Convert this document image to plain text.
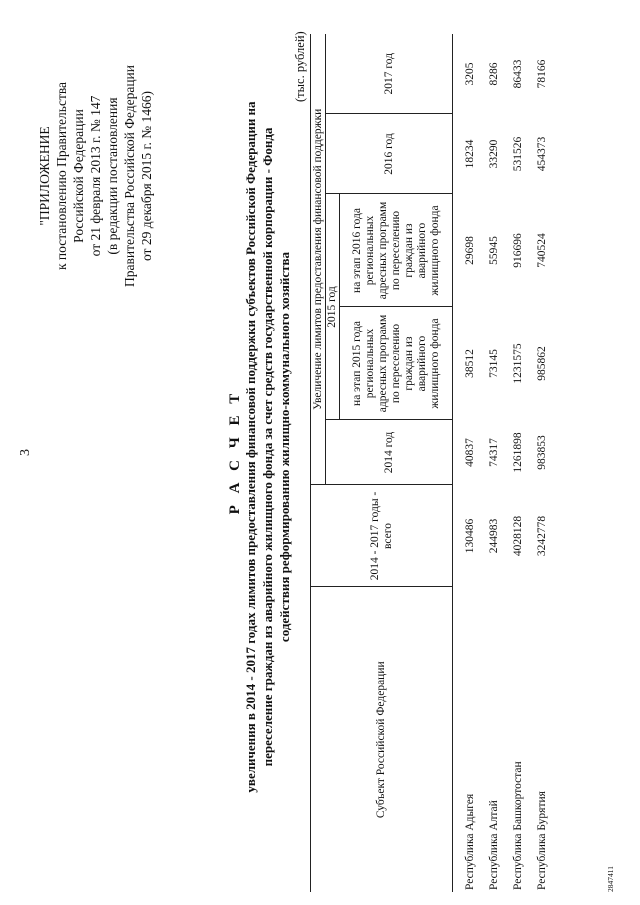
3
"ПРИЛОЖЕНИЕ к постановлению Правительства Российской Федерации от 21 февраля 2013 г. № 147 (в редакции постановления Правительства Российской Федерации от 29 декабря 2015 г. № 1466)
Р А С Ч Е Т увеличения в 2014 - 2017 годах лимитов предоставления финансовой поддержки субъектов Российской Федерации на переселение граждан из аварийного жилищного фонда за счет средств государственной корпорации - Фонда содействия реформированию жилищно-коммунального хозяйства
(тыс. рублей)
Субъект Российской Федерации	2014 - 2017 годы - всего	Увеличение лимитов предоставления финансовой поддержки				
		2014 год	2015 год		2016 год	2017 год
			на этап 2015 года региональных адресных программ по переселению граждан из аварийного жилищного фонда	на этап 2016 года региональных адресных программ по переселению граждан из аварийного жилищного фонда		
Республика Адыгея	130486	40837	38512	29698	18234	3205
Республика Алтай	244983	74317	73145	55945	33290	8286
Республика Башкортостан	4028128	1261898	1231575	916696	531526	86433
Республика Бурятия	3242778	983853	985862	740524	454373	78166
2847411
